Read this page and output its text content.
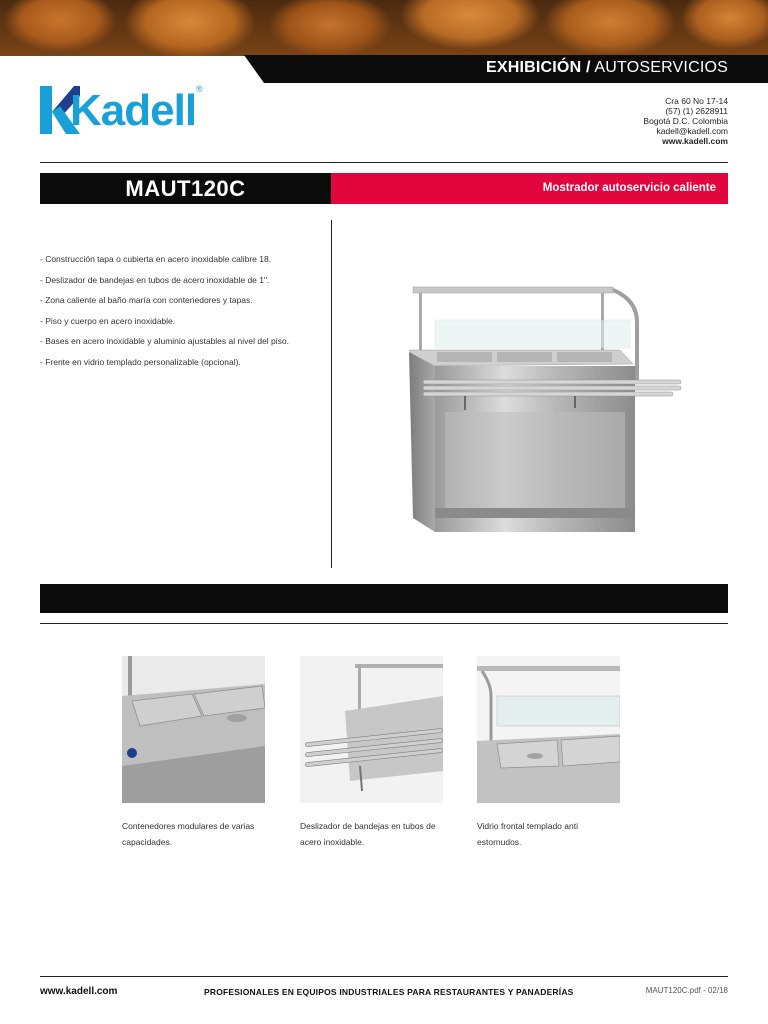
EXHIBICIÓN / AUTOSERVICIOS
Kadell ®
Cra 60 No 17-14
(57) (1) 2628911
Bogotá D.C. Colombia
kadell@kadell.com
www.kadell.com
MAUT120C	Mostrador autoservicio caliente
- Construcción tapa o cubierta en acero inoxidable calibre 18.
- Deslizador de bandejas en tubos de acero inoxidable de 1".
- Zona caliente al baño maría con contenedores y tapas.
- Piso y cuerpo en acero inoxidable.
- Bases en acero inoxidable y aluminio ajustables al nivel del piso.
- Frente en vidrio templado personalizable (opcional).
Contenedores modulares de varias capacidades.
Deslizador de bandejas en tubos de acero inoxidable.
Vidrio frontal templado anti estornudos.
www.kadell.com	PROFESIONALES EN EQUIPOS INDUSTRIALES PARA RESTAURANTES Y PANADERÍAS	MAUT120C.pdf - 02/18
